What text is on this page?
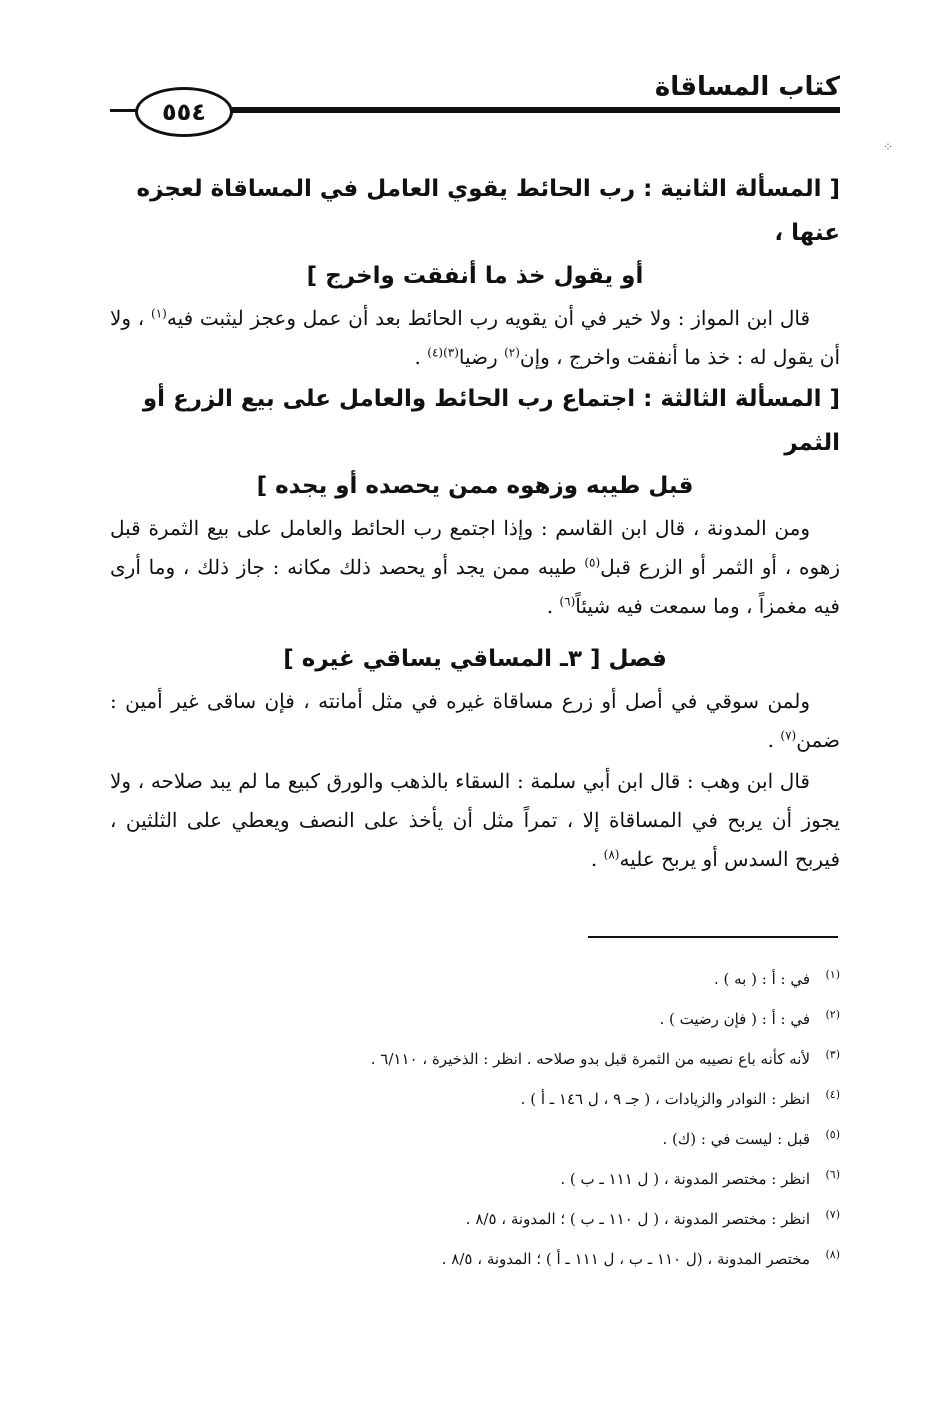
كتاب المساقاة
٥٥٤
⁘

[ المسألة الثانية : رب الحائط يقوي العامل في المساقاة لعجزه عنها ،
أو يقول خذ ما أنفقت واخرج ]

قال ابن المواز : ولا خير في أن يقويه رب الحائط بعد أن عمل وعجز ليثبت فيه$^{(١)}$ ، ولا أن يقول له : خذ ما أنفقت واخرج ، وإن$^{(٢)}$ رضيا$^{(٣)(٤)}$ .

[ المسألة الثالثة : اجتماع رب الحائط والعامل على بيع الزرع أو الثمر
قبل طيبه وزهوه ممن يحصده أو يجده ]

ومن المدونة ، قال ابن القاسم : وإذا اجتمع رب الحائط والعامل على بيع الثمرة قبل زهوه ، أو الثمر أو الزرع قبل$^{(٥)}$ طيبه ممن يجد أو يحصد ذلك مكانه : جاز ذلك ، وما أرى فيه مغمزاً ، وما سمعت فيه شيئاً$^{(٦)}$ .

فصل [ ٣ـ المساقي يساقي غيره ]

ولمن سوقي في أصل أو زرع مساقاة غيره في مثل أمانته ، فإن ساقى غير أمين : ضمن$^{(٧)}$ .

قال ابن وهب : قال ابن أبي سلمة : السقاء بالذهب والورق كبيع ما لم يبد صلاحه ، ولا يجوز أن يربح في المساقاة إلا ، تمراً مثل أن يأخذ على النصف ويعطي على الثلثين ، فيربح السدس أو يربح عليه$^{(٨)}$ .

(١)في : أ : ( به ) .
(٢)في : أ : ( فإن رضيت ) .
(٣)لأنه كأنه باع نصيبه من الثمرة قبل بدو صلاحه . انظر : الذخيرة ، ٦/١١٠ .
(٤)انظر : النوادر والزيادات ، ( جـ ٩ ، ل ١٤٦ ـ أ ) .
(٥)قبل : ليست في : (ك) .
(٦)انظر : مختصر المدونة ، ( ل ١١١ ـ ب ) .
(٧)انظر : مختصر المدونة ، ( ل ١١٠ ـ ب ) ؛ المدونة ، ٨/٥ .
(٨)مختصر المدونة ، (ل ١١٠ ـ ب ، ل ١١١ ـ أ ) ؛ المدونة ، ٨/٥ .
